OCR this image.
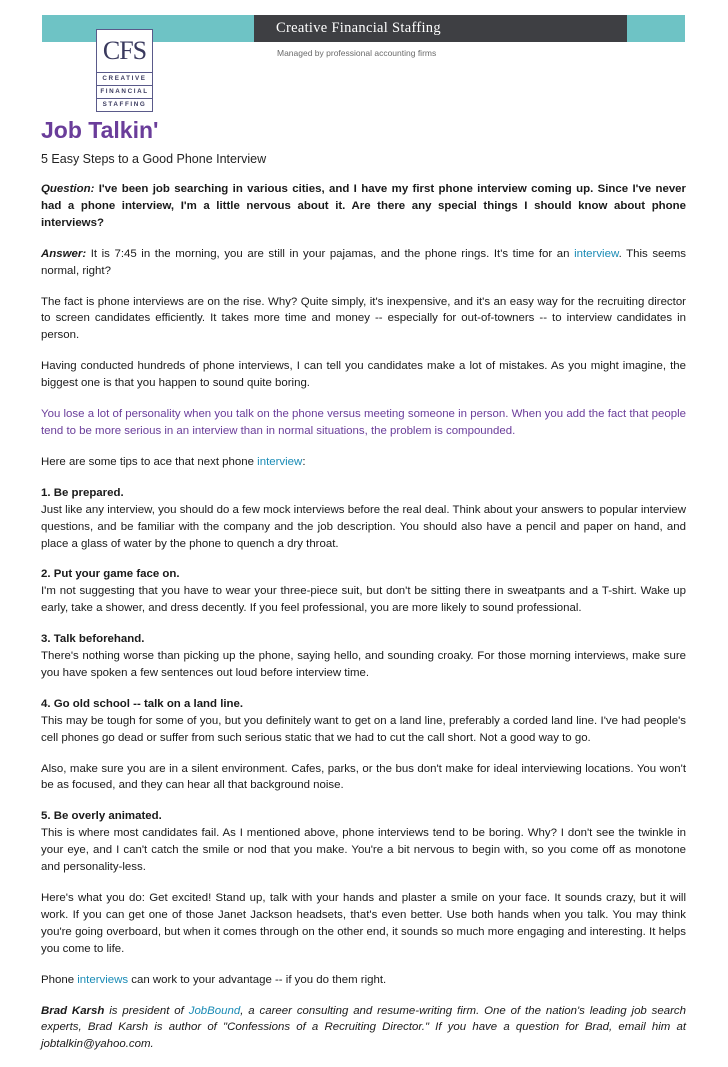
Creative Financial Staffing
Managed by professional accounting firms
CFS
CREATIVE
FINANCIAL
STAFFING
Job Talkin'
5 Easy Steps to a Good Phone Interview

Question: I've been job searching in various cities, and I have my first phone interview coming up. Since I've never had a phone interview, I'm a little nervous about it. Are there any special things I should know about phone interviews?

Answer: It is 7:45 in the morning, you are still in your pajamas, and the phone rings. It's time for an interview. This seems normal, right?

The fact is phone interviews are on the rise. Why? Quite simply, it's inexpensive, and it's an easy way for the recruiting director to screen candidates efficiently. It takes more time and money -- especially for out-of-towners -- to interview candidates in person.

Having conducted hundreds of phone interviews, I can tell you candidates make a lot of mistakes. As you might imagine, the biggest one is that you happen to sound quite boring.

You lose a lot of personality when you talk on the phone versus meeting someone in person. When you add the fact that people tend to be more serious in an interview than in normal situations, the problem is compounded.

Here are some tips to ace that next phone interview:

1. Be prepared.
Just like any interview, you should do a few mock interviews before the real deal. Think about your answers to popular interview questions, and be familiar with the company and the job description. You should also have a pencil and paper on hand, and place a glass of water by the phone to quench a dry throat.

2. Put your game face on.
I'm not suggesting that you have to wear your three-piece suit, but don't be sitting there in sweatpants and a T-shirt. Wake up early, take a shower, and dress decently. If you feel professional, you are more likely to sound professional.

3. Talk beforehand.
There's nothing worse than picking up the phone, saying hello, and sounding croaky. For those morning interviews, make sure you have spoken a few sentences out loud before interview time.

4. Go old school -- talk on a land line.
This may be tough for some of you, but you definitely want to get on a land line, preferably a corded land line. I've had people's cell phones go dead or suffer from such serious static that we had to cut the call short. Not a good way to go.

Also, make sure you are in a silent environment. Cafes, parks, or the bus don't make for ideal interviewing locations. You won't be as focused, and they can hear all that background noise.

5. Be overly animated.
This is where most candidates fail. As I mentioned above, phone interviews tend to be boring. Why? I don't see the twinkle in your eye, and I can't catch the smile or nod that you make. You're a bit nervous to begin with, so you come off as monotone and personality-less.

Here's what you do: Get excited! Stand up, talk with your hands and plaster a smile on your face. It sounds crazy, but it will work. If you can get one of those Janet Jackson headsets, that's even better. Use both hands when you talk. You may think you're going overboard, but when it comes through on the other end, it sounds so much more engaging and interesting. It helps you come to life.

Phone interviews can work to your advantage -- if you do them right.

Brad Karsh is president of JobBound, a career consulting and resume-writing firm. One of the nation's leading job search experts, Brad Karsh is author of "Confessions of a Recruiting Director." If you have a question for Brad, email him at jobtalkin@yahoo.com.
